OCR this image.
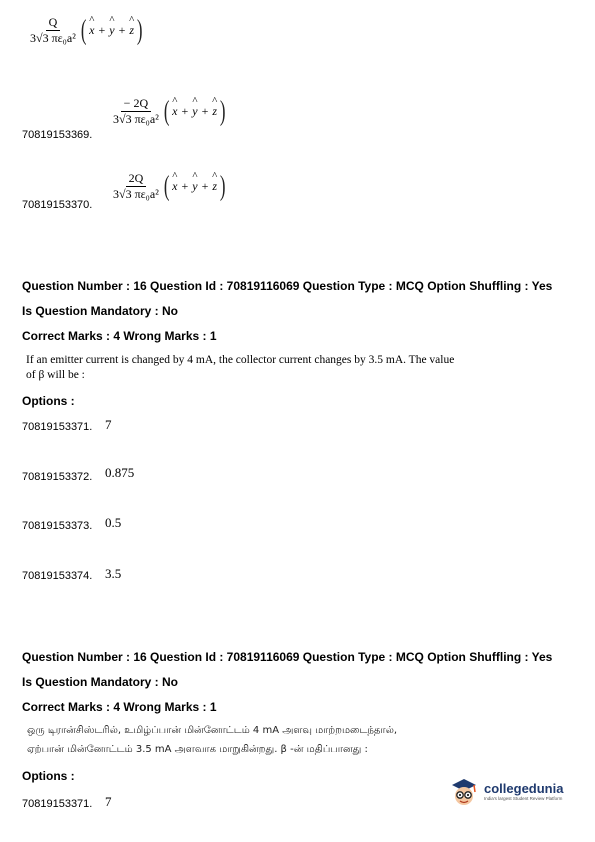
$\frac{Q}{\text{3√3 πε₀a²}}$ ( ^ x + ^ y + ^ z )
70819153369.
$\frac{- 2Q}{\text{3√3 πε₀a²}}$ ( ^ x + ^ y + ^ z )
70819153370.
$\frac{2Q}{\text{3√3 πε₀a²}}$ ( ^ x + ^ y + ^ z )
Question Number : 16 Question Id : 70819116069 Question Type : MCQ Option Shuffling : Yes
Is Question Mandatory : No
Correct Marks : 4 Wrong Marks : 1
If an emitter current is changed by 4 mA, the collector current changes by 3.5 mA. The value
of β will be :
Options :
70819153371. 7
70819153372. 0.875
70819153373. 0.5
70819153374. 3.5
Question Number : 16 Question Id : 70819116069 Question Type : MCQ Option Shuffling : Yes
Is Question Mandatory : No
Correct Marks : 4 Wrong Marks : 1
ஒரு டிரான்சிஸ்டரில், உமிழ்ப்பான் மின்னோட்டம் 4 mA அளவு மாற்றமடைந்தால்,
ஏற்பான் மின்னோட்டம் 3.5 mA அளவாக மாறுகின்றது. β -ன் மதிப்பானது :
Options :
70819153371. 7
collegedunia
India's largest Student Review Platform
